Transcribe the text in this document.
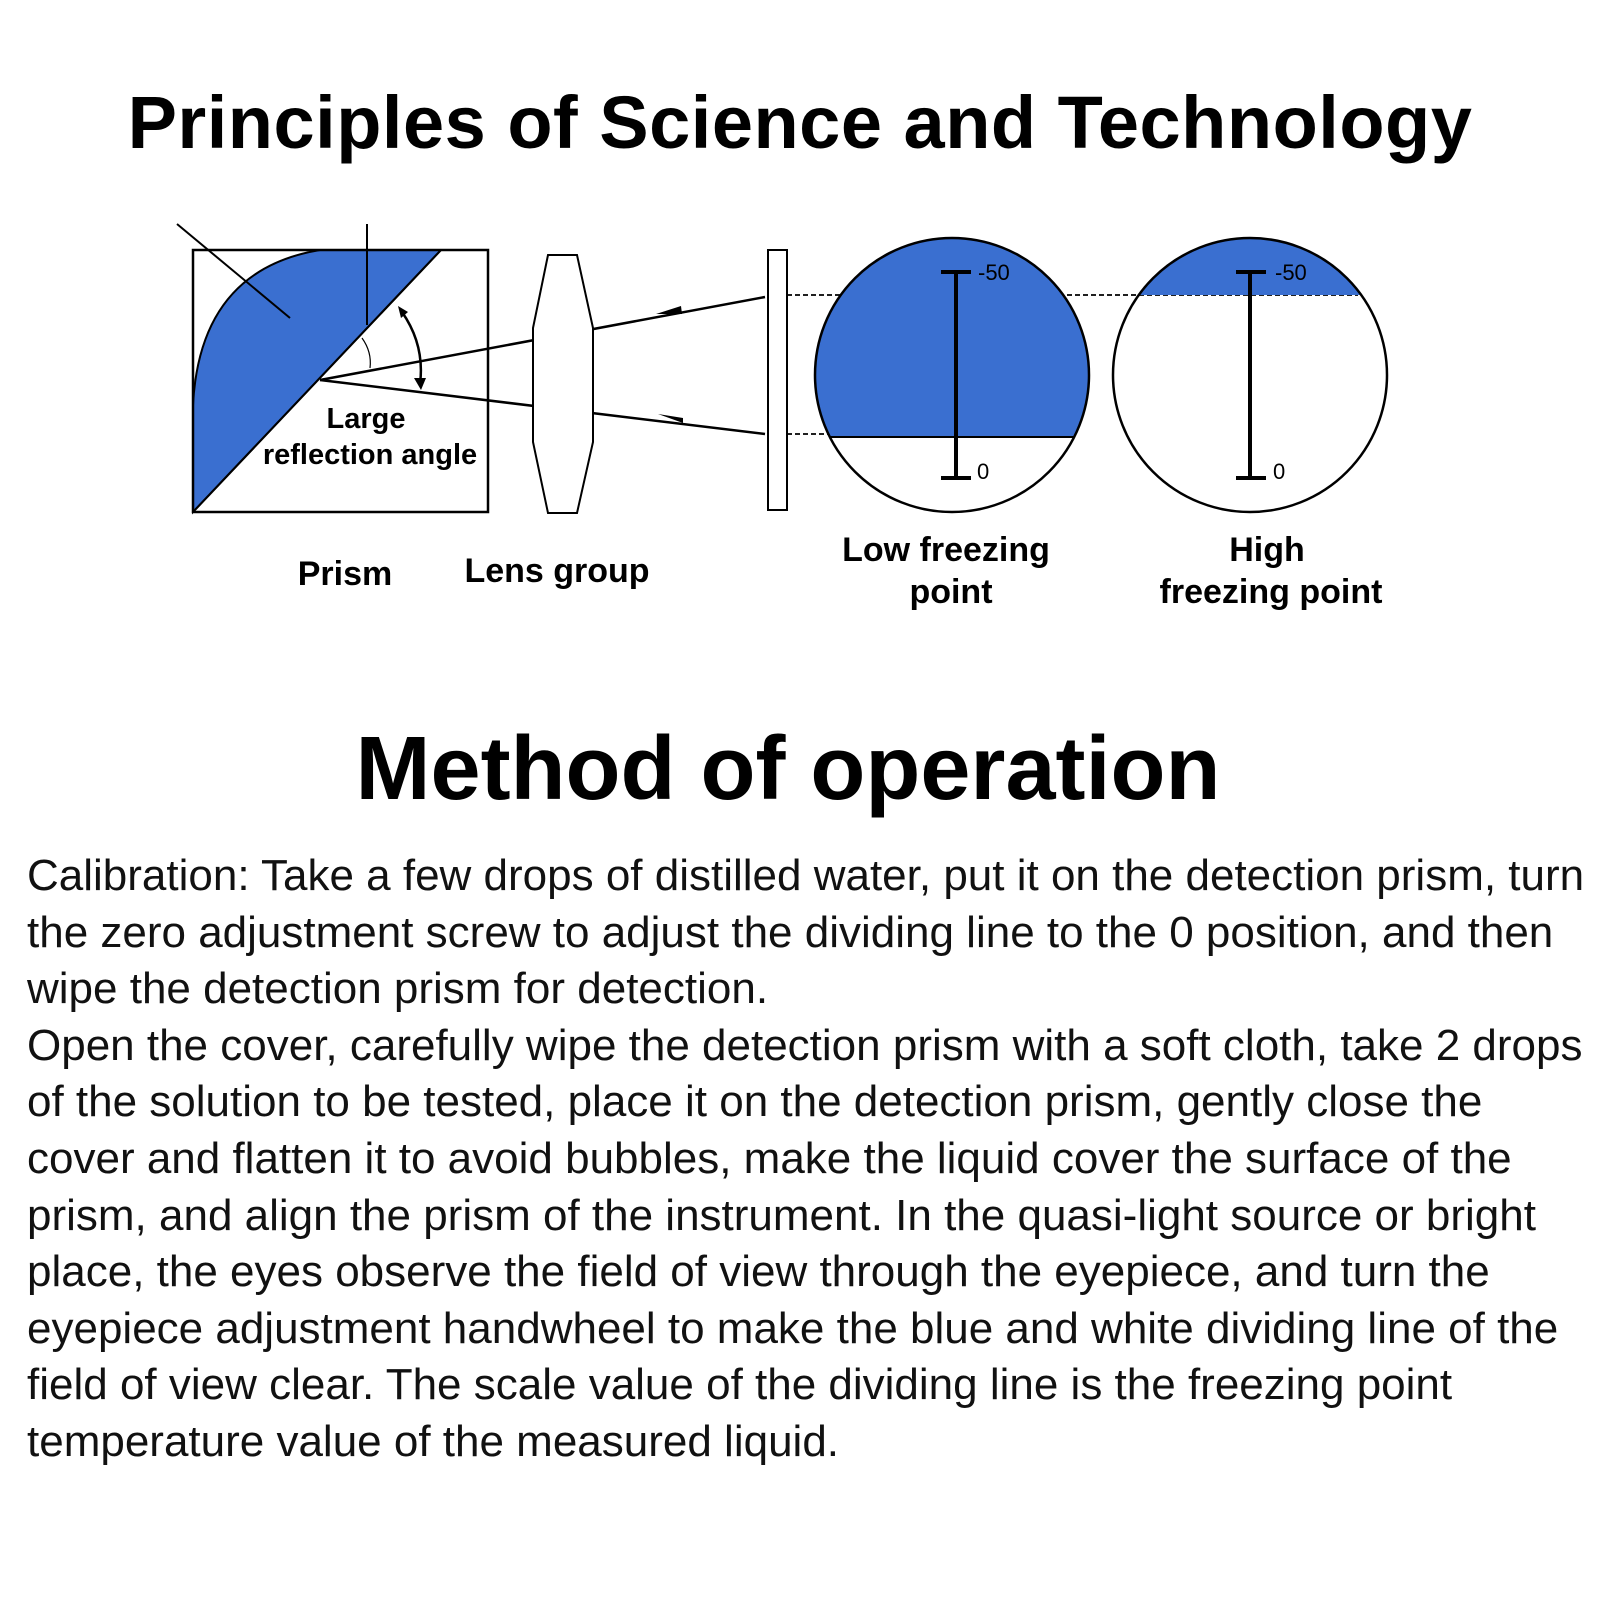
Principles of Science and Technology
-50
0
-50
0
Large
reflection angle
Prism Lens group
Low freezing
point
High
freezing point
Method of operation

Calibration: Take a few drops of distilled water, put it on the detection prism, turn the zero adjustment screw to adjust the dividing line to the 0 position, and then wipe the detection prism for detection.

Open the cover, carefully wipe the detection prism with a soft cloth, take 2 drops of the solution to be tested, place it on the detection prism, gently close the cover and flatten it to avoid bubbles, make the liquid cover the surface of the prism, and align the prism of the instrument. In the quasi-light source or bright place, the eyes observe the field of view through the eyepiece, and turn the eyepiece adjustment handwheel to make the blue and white dividing line of the field of view clear. The scale value of the dividing line is the freezing point temperature value of the measured liquid.
